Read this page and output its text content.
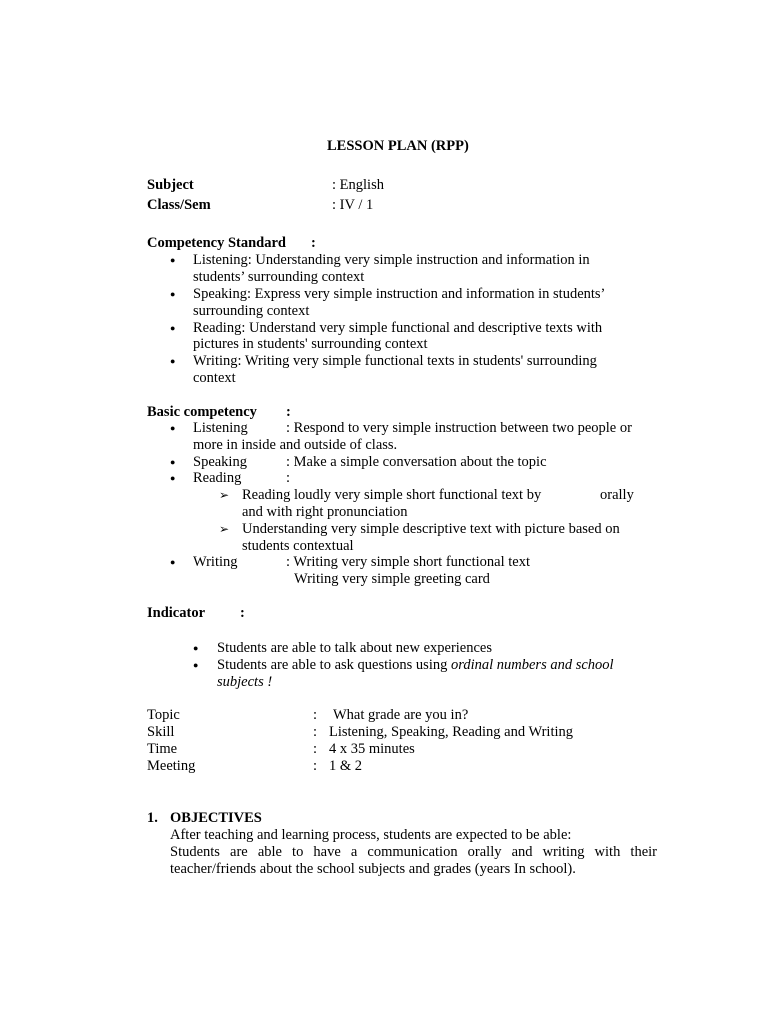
LESSON PLAN (RPP)
Subject	: English
Class/Sem	: IV / 1
Competency Standard :
● Listening: Understanding very simple instruction and information in
students’ surrounding context
● Speaking: Express very simple instruction and information in students’
surrounding context
● Reading: Understand very simple functional and descriptive texts with
pictures in students' surrounding context
● Writing: Writing very simple functional texts in students' surrounding
context
Basic competency :
● Listening	: Respond to very simple instruction between two people or
more in inside and outside of class.
● Speaking	: Make a simple conversation about the topic
● Reading	:
➢ Reading loudly very simple short functional text by	orally
and with right pronunciation
➢ Understanding very simple descriptive text with picture based on
students contextual
● Writing	: Writing very simple short functional text
Writing very simple greeting card
Indicator :
● Students are able to talk about new experiences
● Students are able to ask questions using ordinal numbers and school
subjects !
Topic	: What grade are you in?
Skill	: Listening, Speaking, Reading and Writing
Time	: 4 x 35 minutes
Meeting	: 1 & 2
1. OBJECTIVES
After teaching and learning process, students are expected to be able:
Students are able to have a communication orally and writing with their teacher/friends about the school subjects and grades (years In school).
